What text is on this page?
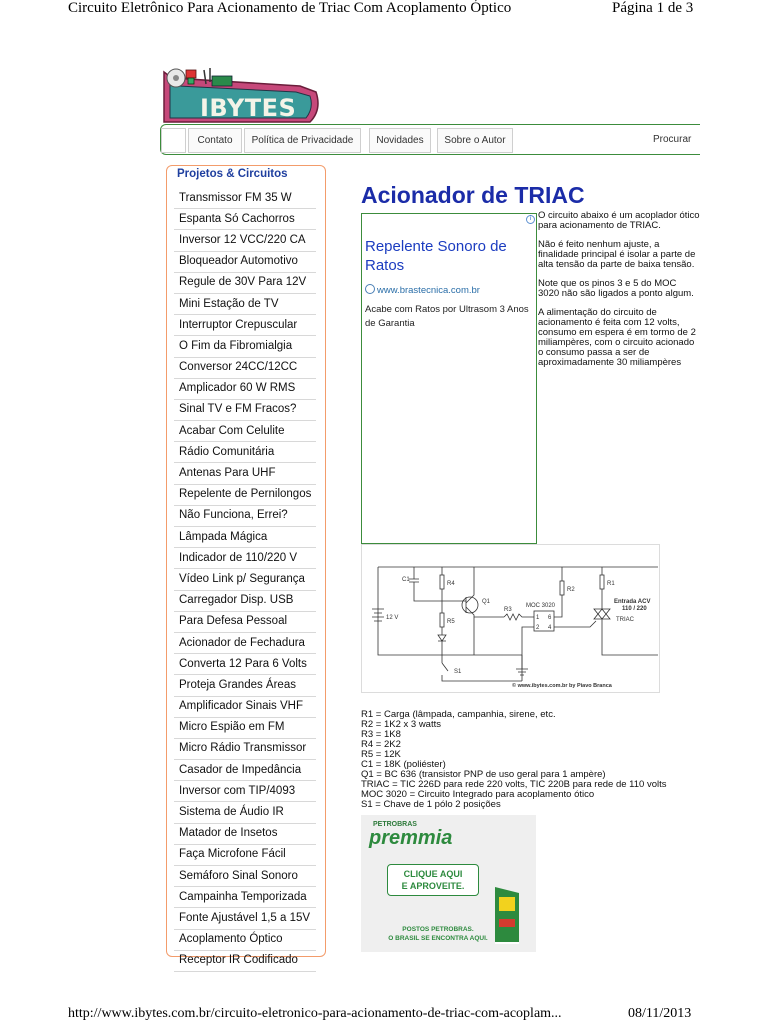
Circuito Eletrônico Para Acionamento de Triac Com Acoplamento Óptico	Página 1 de 3
http://www.ibytes.com.br/circuito-eletronico-para-acionamento-de-triac-com-acoplam...	08/11/2013
IBYTES
Contato	Política de Privacidade	Novidades	Sobre o Autor	Procurar
Projetos & Circuitos
Transmissor FM 35 W
Espanta Só Cachorros
Inversor 12 VCC/220 CA
Bloqueador Automotivo
Regule de 30V Para 12V
Mini Estação de TV
Interruptor Crepuscular
O Fim da Fibromialgia
Conversor 24CC/12CC
Amplicador 60 W RMS
Sinal TV e FM Fracos?
Acabar Com Celulite
Rádio Comunitária
Antenas Para UHF
Repelente de Pernilongos
Não Funciona, Errei?
Lâmpada Mágica
Indicador de 110/220 V
Vídeo Link p/ Segurança
Carregador Disp. USB
Para Defesa Pessoal
Acionador de Fechadura
Converta 12 Para 6 Volts
Proteja Grandes Áreas
Amplificador Sinais VHF
Micro Espião em FM
Micro Rádio Transmissor
Casador de Impedância
Inversor com TIP/4093
Sistema de Áudio IR
Matador de Insetos
Faça Microfone Fácil
Semáforo Sinal Sonoro
Campainha Temporizada
Fonte Ajustável 1,5 a 15V
Acoplamento Óptico
Receptor IR Codificado
Acionador de TRIAC
i
Repelente Sonoro de Ratos
www.brastecnica.com.br
Acabe com Ratos por Ultrasom 3 Anos de Garantia

O circuito abaixo é um acoplador ótico para acionamento de TRIAC.

Não é feito nenhum ajuste, a finalidade principal é isolar a parte de alta tensão da parte de baixa tensão.

Note que os pinos 3 e 5 do MOC 3020 não são ligados a ponto algum.

A alimentação do circuito de acionamento é feita com 12 volts, consumo em espera é em tormo de 2 miliampères, com o circuito acionado o consumo passa a ser de aproximadamente 30 miliampères

12 V
C1
R4
R5
S1
Q1
R3
MOC 3020
1 6
2 4
R2
R1
TRIAC
Entrada ACV
110 / 220
© www.ibytes.com.br by Piavo Branca
R1 = Carga (lâmpada, campanhia, sirene, etc.
R2 = 1K2 x 3 watts
R3 = 1K8
R4 = 2K2
R5 = 12K
C1 = 18K (poliéster)
Q1 = BC 636 (transistor PNP de uso geral para 1 ampère)
TRIAC = TIC 226D para rede 220 volts, TIC 220B para rede de 110 volts
MOC 3020 = Circuito Integrado para acoplamento ótico
S1 = Chave de 1 pólo 2 posições
PETROBRAS
premmia
CLIQUE AQUI
E APROVEITE.
POSTOS PETROBRAS.
O BRASIL SE ENCONTRA AQUI.
